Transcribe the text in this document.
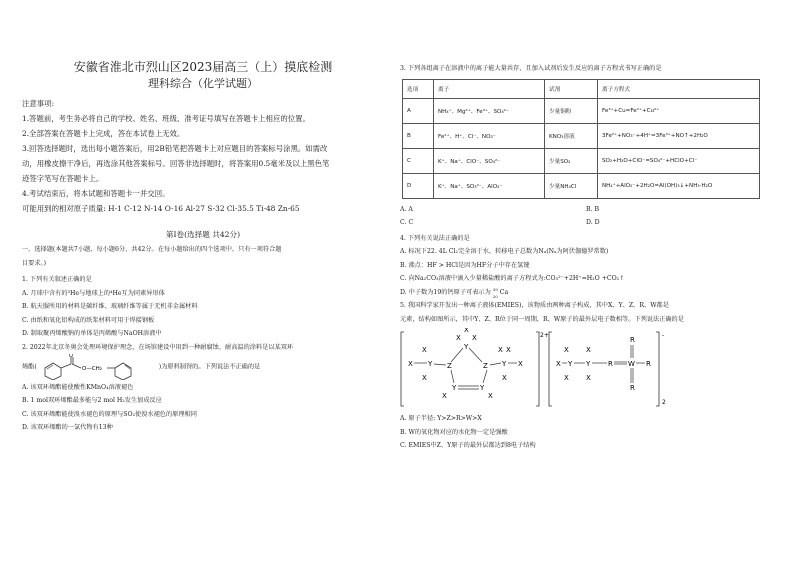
安徽省淮北市烈山区2023届高三（上）摸底检测
理科综合（化学试题）
注意事项:
1.答题前，考生务必将自己的学校、姓名、班级、准考证号填写在答题卡上相应的位置。
2.全部答案在答题卡上完成，答在本试卷上无效。
3.回答选择题时，选出每小题答案后，用2B铅笔把答题卡上对应题目的答案标号涂黑。如需改
动，用橡皮擦干净后，再选涂其他答案标号。回答非选择题时，将答案用0.5毫米及以上黑色笔
迹签字笔写在答题卡上。
4.考试结束后，将本试题和答题卡一并交回。
可能用到的相对原子质量: H-1 C-12 N-14 O-16 Al-27 S-32 Cl-35.5 Ti-48 Zn-65
第Ⅰ卷(选择题 共42分)
一、选择题(本题共7小题，每小题6分，共42分。在每小题给出的四个选项中，只有一项符合题
目要求。)
1. 下列有关叙述正确的是
A. 月球中含有的³He与地球上的⁴He互为同素异形体
B. 航天服所用的材料是碳纤维、玻璃纤维等属于无机非金属材料
C. 由纸和氧化铝构成的纸浆材料可用于焊接钢板
D. 制取聚丙烯酸钠的单体是丙烯酸与NaOH溶液中
2. 2022年北京冬奥会处理环境保护理念，在场馆建设中用到一种耐腐蚀、耐高温的涂料是以某双环
烯酯(
O
O—CH₂	)为原料制得的。下列说法不正确的是
A. 该双环烯酯能使酸性KMnO₄溶液褪色
B. 1 mol双环烯酯最多能与2 mol H₂发生加成反应
C. 该双环烯酯能使溴水褪色的原理与SO₂使溴水褪色的原理相同
D. 该双环烯酯的一氯代物有13种
3. 下列各组离子在溶液中的离子能大量共存，且加入试剂后发生反应的离子方程式书写正确的是
选项	离子	试剂	离子方程式
A	NH₄⁺、Mg²⁺、Fe³⁺、SO₄²⁻	少量铜粉	Fe³⁺+Cu=Fe²⁺+Cu²⁺
B	Fe²⁺、H⁺、Cl⁻、NO₃⁻	KNO₃溶液	3Fe²⁺+NO₃⁻+4H⁺=3Fe³⁺+NO↑+2H₂O
C	K⁺、Na⁺、ClO⁻、SO₄²⁻	少量SO₂	SO₂+H₂O+ClO⁻=SO₄²⁻+HClO+Cl⁻
D	K⁺、Na⁺、SO₃²⁻、AlO₂⁻	少量NH₄Cl	NH₄⁺+AlO₂⁻+2H₂O=Al(OH)₃↓+NH₃·H₂O
A. A	B. B
C. C	D. D
4. 下列有关说法正确的是
A. 标况下22. 4L Cl₂完全溶于水，转移电子总数为Nₐ(Nₐ为阿伏伽德罗常数)
B. 沸点：HF > HCl是因为HF分子中存在氢键
C. 向Na₂CO₃溶液中滴入少量稀盐酸的离子方程式为:CO₃²⁻+2H⁺=H₂O +CO₂↑
D. 中子数为19的钙原子可表示为 39
20
Ca
5. 我国科学家开发出一种离子液体(EMIES)，该物质由两种离子构成，其中X、Y、Z、R、W都是
元素，结构如图所示，其中Y、Z、R位于同一周期，R、W原子的最外层电子数相等。下列说法正确的是
2+
X
X
Y
X
Z
Y
X X
X
Z
Y	Y
X	X
Y X
X X
X
-
2
X Y
X
X
Y
X
X
R W
R
R
R
A. 原子半径: Y>Z>R>W>X
B. W的氧化物对应的水化物一定是强酸
C. EMIES中Z、Y原子的最外层都达到8电子结构
